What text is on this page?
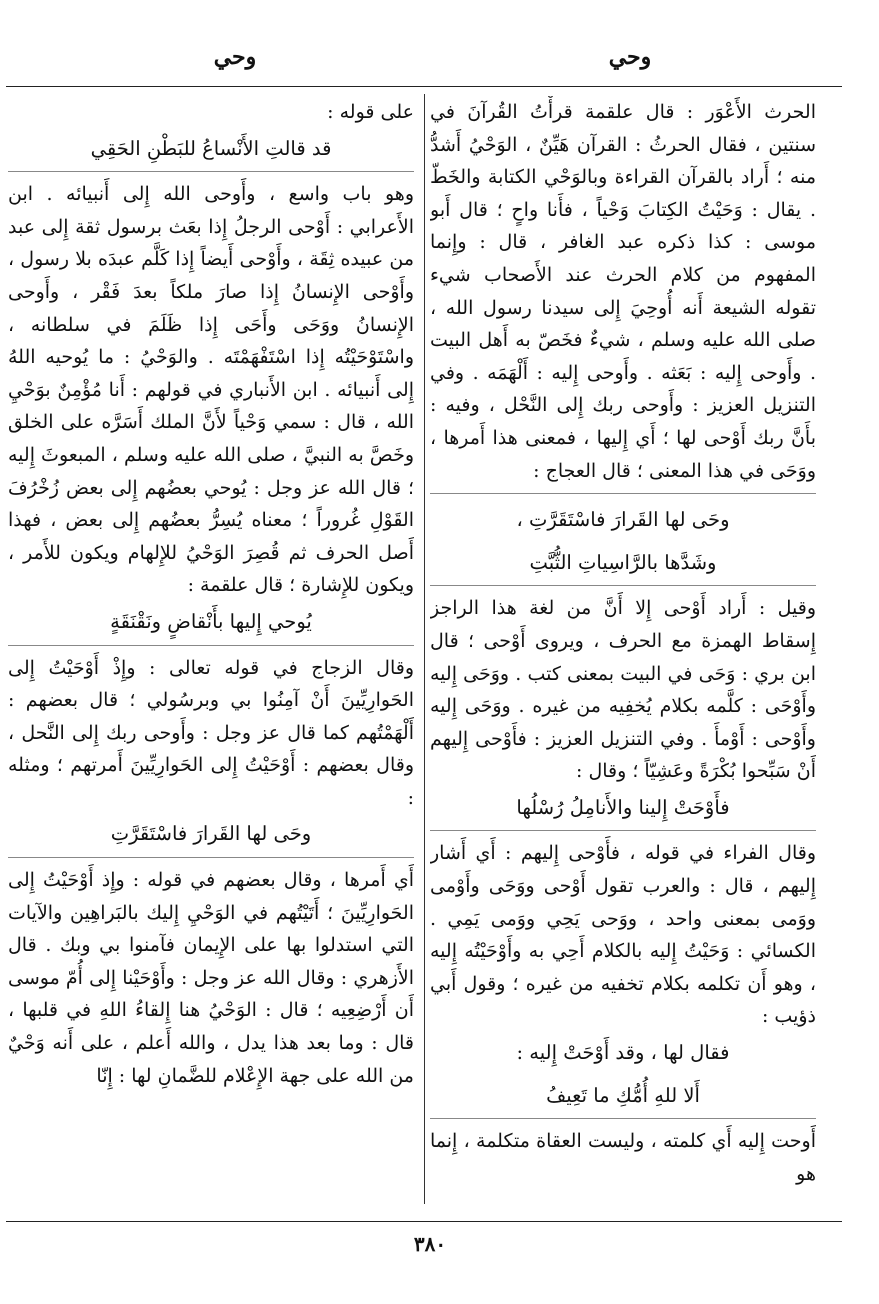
وحي
وحي

الحرث الأَعْوَر : قال علقمة قرأْتُ القُرآنَ في سنتين ، فقال الحرثُ : القرآن هَيِّنٌ ، الوَحْيُ أَشدُّ منه ؛ أَراد بالقرآن القراءة وبالوَحْي الكتابة والخَطّ . يقال : وَحَيْتُ الكِتابَ وَحْياً ، فأَنا واحٍ ؛ قال أَبو موسى : كذا ذكره عبد الغافر ، قال : وإِنما المفهوم من كلام الحرث عند الأَصحاب شيء تقوله الشيعة أَنه أُوحِيَ إِلى سيدنا رسول الله ، صلى الله عليه وسلم ، شيءٌ فخَصّ به أَهل البيت . وأَوحى إِليه : بَعَثه . وأَوحى إِليه : أَلْهَمَه . وفي التنزيل العزيز : وأَوحى ربك إِلى النَّحْل ، وفيه : بأَنَّ ربك أَوْحى لها ؛ أَي إِليها ، فمعنى هذا أَمرها ، ووَحَى في هذا المعنى ؛ قال العجاج :

وحَى لها القَرارَ فاسْتَقَرَّتِ ،
وشَدَّها بالرَّاسِياتِ الثُّبَّتِ

وقيل : أَراد أَوْحى إِلا أَنَّ من لغة هذا الراجز إِسقاط الهمزة مع الحرف ، ويروى أَوْحى ؛ قال ابن بري : وَحَى في البيت بمعنى كتب . ووَحَى إِليه وأَوْحَى : كلَّمه بكلام يُخفِيه من غيره . ووَحَى إِليه وأَوْحى : أَوْمأَ . وفي التنزيل العزيز : فأَوْحى إِليهم أَنْ سَبِّحوا بُكْرَةً وعَشِيّاً ؛ وقال :

فأَوْحَتْ إِلينا والأَنامِلُ رُسْلُها

وقال الفراء في قوله ، فأَوْحى إِليهم : أَي أَشار إِليهم ، قال : والعرب تقول أَوْحى ووَحَى وأَوْمى ووَمى بمعنى واحد ، ووَحى يَحِي ووَمى يَمِي . الكسائي : وَحَيْتُ إِليه بالكلام أَحِي به وأَوْحَيْتُه إِليه ، وهو أَن تكلمه بكلام تخفيه من غيره ؛ وقول أَبي ذؤيب :

فقال لها ، وقد أَوْحَتْ إِليه :
أَلا للهِ أُمُّكِ ما تَعِيفُ

أَوحت إِليه أَي كلمته ، وليست العقاة متكلمة ، إِنما هو

على قوله :

قد قالتِ الأَنْساعُ للبَطْنِ الحَقِي

وهو باب واسع ، وأَوحى الله إِلى أَنبيائه . ابن الأَعرابي : أَوْحى الرجلُ إِذا بعَث برسول ثقة إِلى عبد من عبيده ثِقَة ، وأَوْحى أَيضاً إِذا كَلَّم عبدَه بلا رسول ، وأَوْحى الإِنسانُ إِذا صارَ ملكاً بعدَ فَقْر ، وأَوحى الإِنسانُ ووَحَى وأَحَى إِذا ظَلَمَ في سلطانه ، واسْتَوْحَيْتُه إِذا اسْتَفْهَمْتَه . والوَحْيُ : ما يُوحيه اللهُ إِلى أَنبيائه . ابن الأَنباري في قولهم : أَنا مُؤْمِنٌ بوَحْيِ الله ، قال : سمي وَحْياً لأَنَّ الملك أَسَرَّه على الخلق وخَصَّ به النبيَّ ، صلى الله عليه وسلم ، المبعوثَ إِليه ؛ قال الله عز وجل : يُوحي بعضُهم إِلى بعض زُخْرُفَ القَوْلِ غُروراً ؛ معناه يُسِرُّ بعضُهم إِلى بعض ، فهذا أَصل الحرف ثم قُصِرَ الوَحْيُ للإِلهام ويكون للأَمر ، ويكون للإِشارة ؛ قال علقمة :

يُوحي إِليها بأَنْقاضٍ ونَقْنَقَةٍ

وقال الزجاج في قوله تعالى : وإِذْ أَوْحَيْتُ إِلى الحَوارِيِّينَ أَنْ آمِنُوا بي وبرسُولي ؛ قال بعضهم : أَلْهَمْتُهم كما قال عز وجل : وأَوحى ربك إِلى النَّحل ، وقال بعضهم : أَوْحَيْتُ إِلى الحَوارِيِّينَ أَمرتهم ؛ ومثله :

وحَى لها القَرارَ فاسْتَقَرَّتِ

أَي أَمرها ، وقال بعضهم في قوله : وإِذ أَوْحَيْتُ إِلى الحَوارِيِّينَ ؛ أَتَيْتُهم في الوَحْيِ إِليك بالبَراهِين والآيات التي استدلوا بها على الإِيمان فآمنوا بي وبك . قال الأَزهري : وقال الله عز وجل : وأَوْحَيْنا إِلى أُمّ موسى أَن أَرْضِعِيه ؛ قال : الوَحْيُ هنا إِلقاءُ اللهِ في قلبها ، قال : وما بعد هذا يدل ، والله أَعلم ، على أَنه وَحْيٌ من الله على جهة الإِعْلام للضَّمانِ لها : إِنّا

٣٨٠
